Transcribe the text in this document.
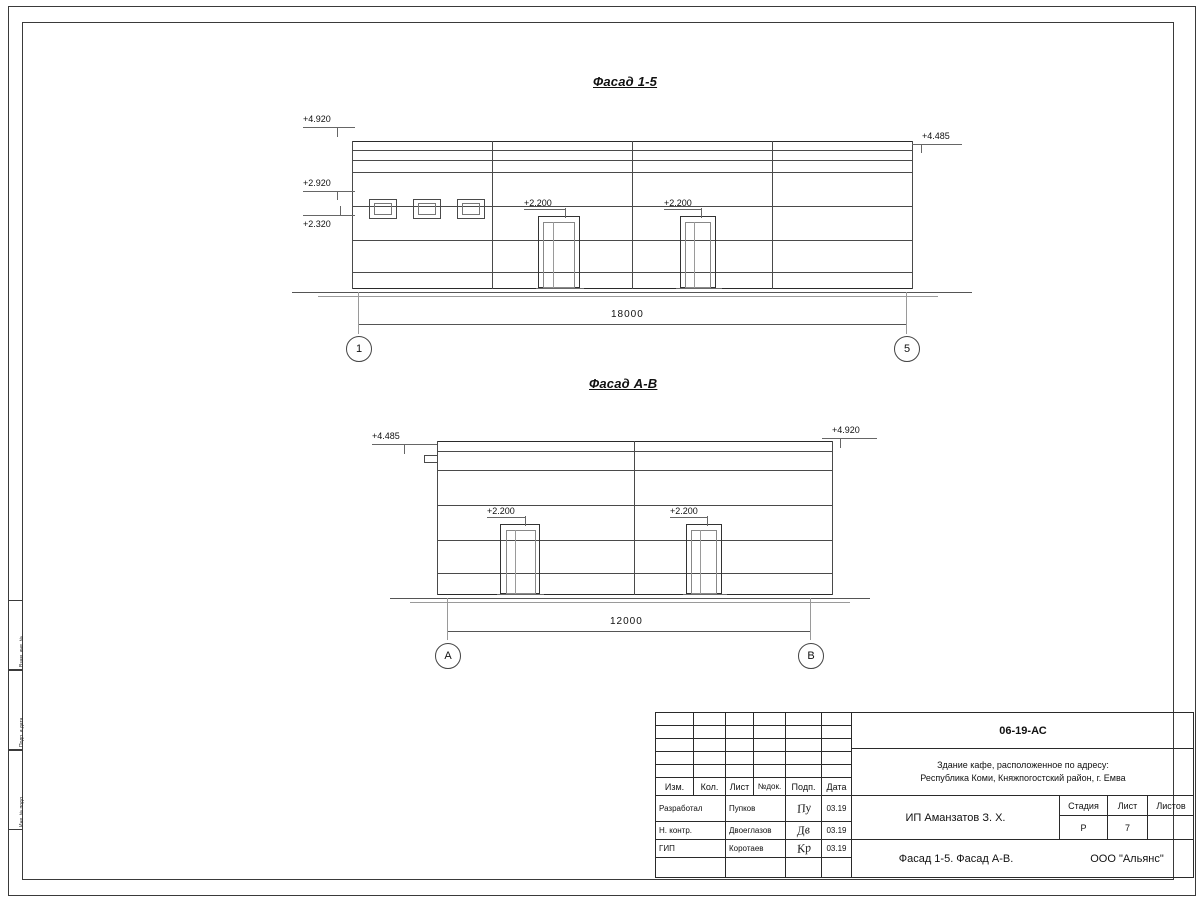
Взам. инв. №
Подп. и дата
Инв. № подл.
Фасад 1-5
+2.200	+2.200
+4.920
+2.920
+2.320
+4.485
18000
1	5
Фасад А-В
+2.200	+2.200
+4.485
+4.920
12000
А	В
Изм.	Кол.	Лист	№док.	Подп.	Дата
Разработал	Пупков	Пу	03.19
Н. контр.	Двоеглазов	Дв	03.19
ГИП	Коротаев	Кр	03.19
06-19-АС
Здание кафе, расположенное по адресу:
Республика Коми, Княжпогостский район, г. Емва
ИП Аманзатов З. Х.
Фасад 1-5. Фасад А-В.
Стадия	Лист	Листов
Р	7
ООО "Альянс"
